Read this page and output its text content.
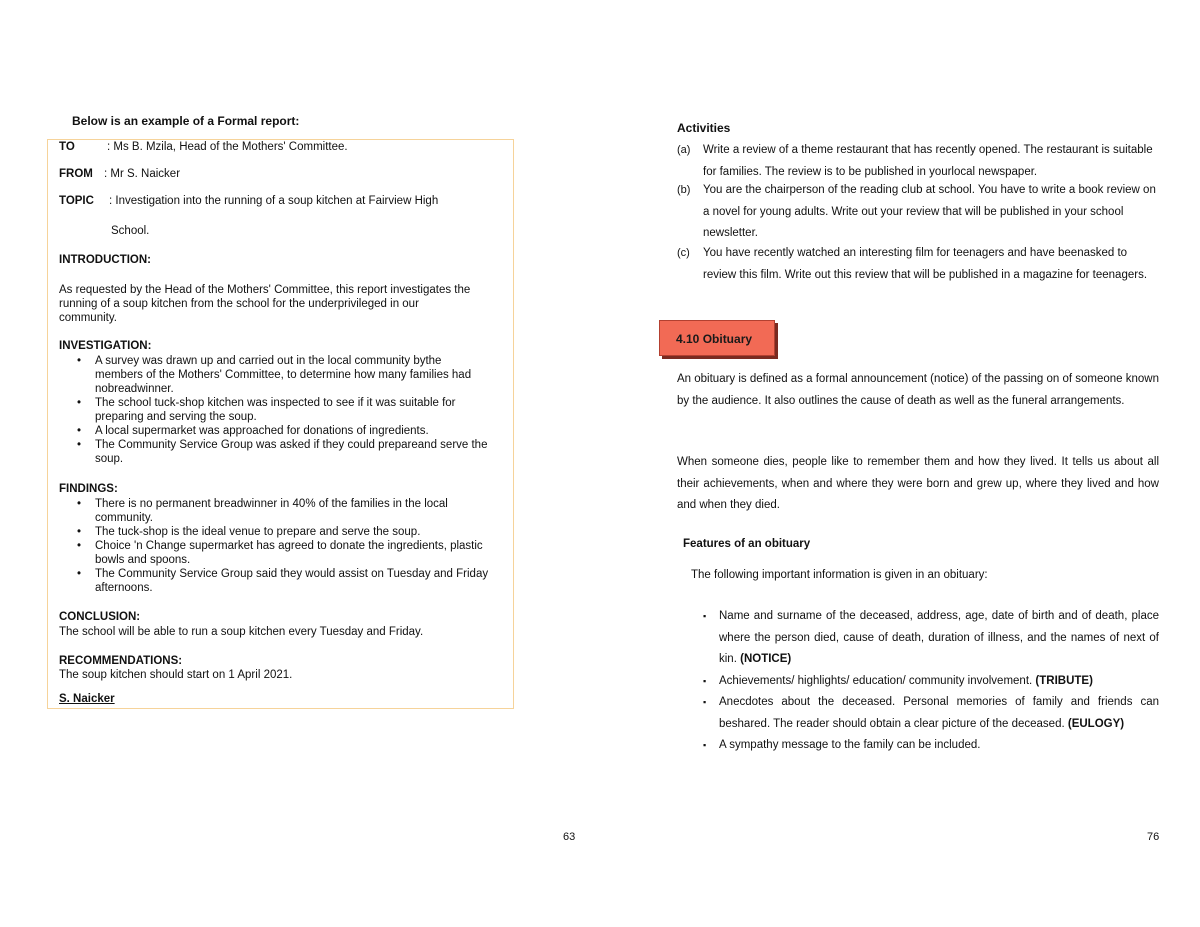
Below is an example of a Formal report:
TO	: Ms B. Mzila, Head of the Mothers' Committee.
FROM : Mr S. Naicker
TOPIC : Investigation into the running of a soup kitchen at Fairview High
School.
INTRODUCTION:
As requested by the Head of the Mothers' Committee, this report investigates the running of a soup kitchen from the school for the underprivileged in our community.
INVESTIGATION:
• A survey was drawn up and carried out in the local community bythe members of the Mothers' Committee, to determine how many families had nobreadwinner.
• The school tuck-shop kitchen was inspected to see if it was suitable for preparing and serving the soup.
• A local supermarket was approached for donations of ingredients.
• The Community Service Group was asked if they could prepareand serve the soup.
FINDINGS:
• There is no permanent breadwinner in 40% of the families in the local community.
• The tuck-shop is the ideal venue to prepare and serve the soup.
• Choice 'n Change supermarket has agreed to donate the ingredients, plastic bowls and spoons.
• The Community Service Group said they would assist on Tuesday and Friday afternoons.
CONCLUSION:
The school will be able to run a soup kitchen every Tuesday and Friday.
RECOMMENDATIONS:
The soup kitchen should start on 1 April 2021.
S. Naicker
63
Activities
(a) Write a review of a theme restaurant that has recently opened. The restaurant is suitable for families. The review is to be published in yourlocal newspaper.
(b) You are the chairperson of the reading club at school. You have to write a book review on a novel for young adults. Write out your review that will be published in your school newsletter.
(c) You have recently watched an interesting film for teenagers and have beenasked to review this film. Write out this review that will be published in a magazine for teenagers.
4.10 Obituary
An obituary is defined as a formal announcement (notice) of the passing on of someone known by the audience. It also outlines the cause of death as well as the funeral arrangements.
When someone dies, people like to remember them and how they lived. It tells us about all their achievements, when and where they were born and grew up, where they lived and how and when they died.
Features of an obituary
The following important information is given in an obituary:
▪ Name and surname of the deceased, address, age, date of birth and of death, place where the person died, cause of death, duration of illness, and the names of next of kin. (NOTICE)
▪ Achievements/ highlights/ education/ community involvement. (TRIBUTE)
▪ Anecdotes about the deceased. Personal memories of family and friends can beshared. The reader should obtain a clear picture of the deceased. (EULOGY)
▪ A sympathy message to the family can be included.
76
